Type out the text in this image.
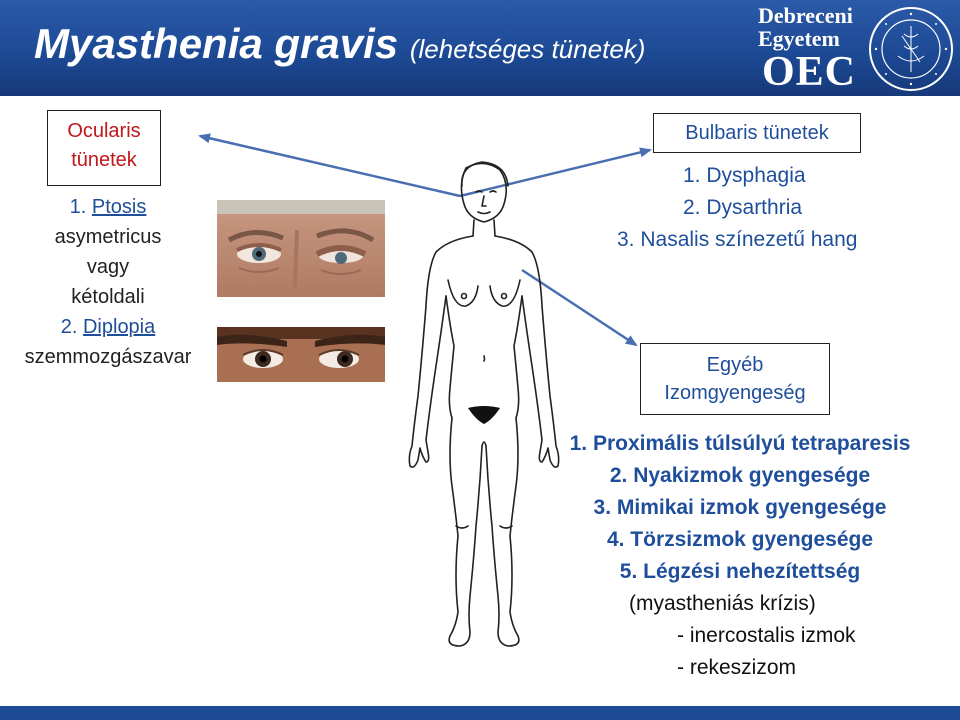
Myasthenia gravis (lehetséges tünetek)
Debreceni
Egyetem
OEC
Ocularis
tünetek
1. Ptosis
asymetricus
vagy
kétoldali
2. Diplopia
szemmozgászavar
Bulbaris tünetek
1. Dysphagia
2. Dysarthria
3. Nasalis színezetű hang
Egyéb
Izomgyengeség
1. Proximális túlsúlyú tetraparesis
2. Nyakizmok gyengesége
3. Mimikai izmok gyengesége
4. Törzsizmok gyengesége
5. Légzési nehezítettség
(myastheniás krízis)
- inercostalis izmok
- rekeszizom
